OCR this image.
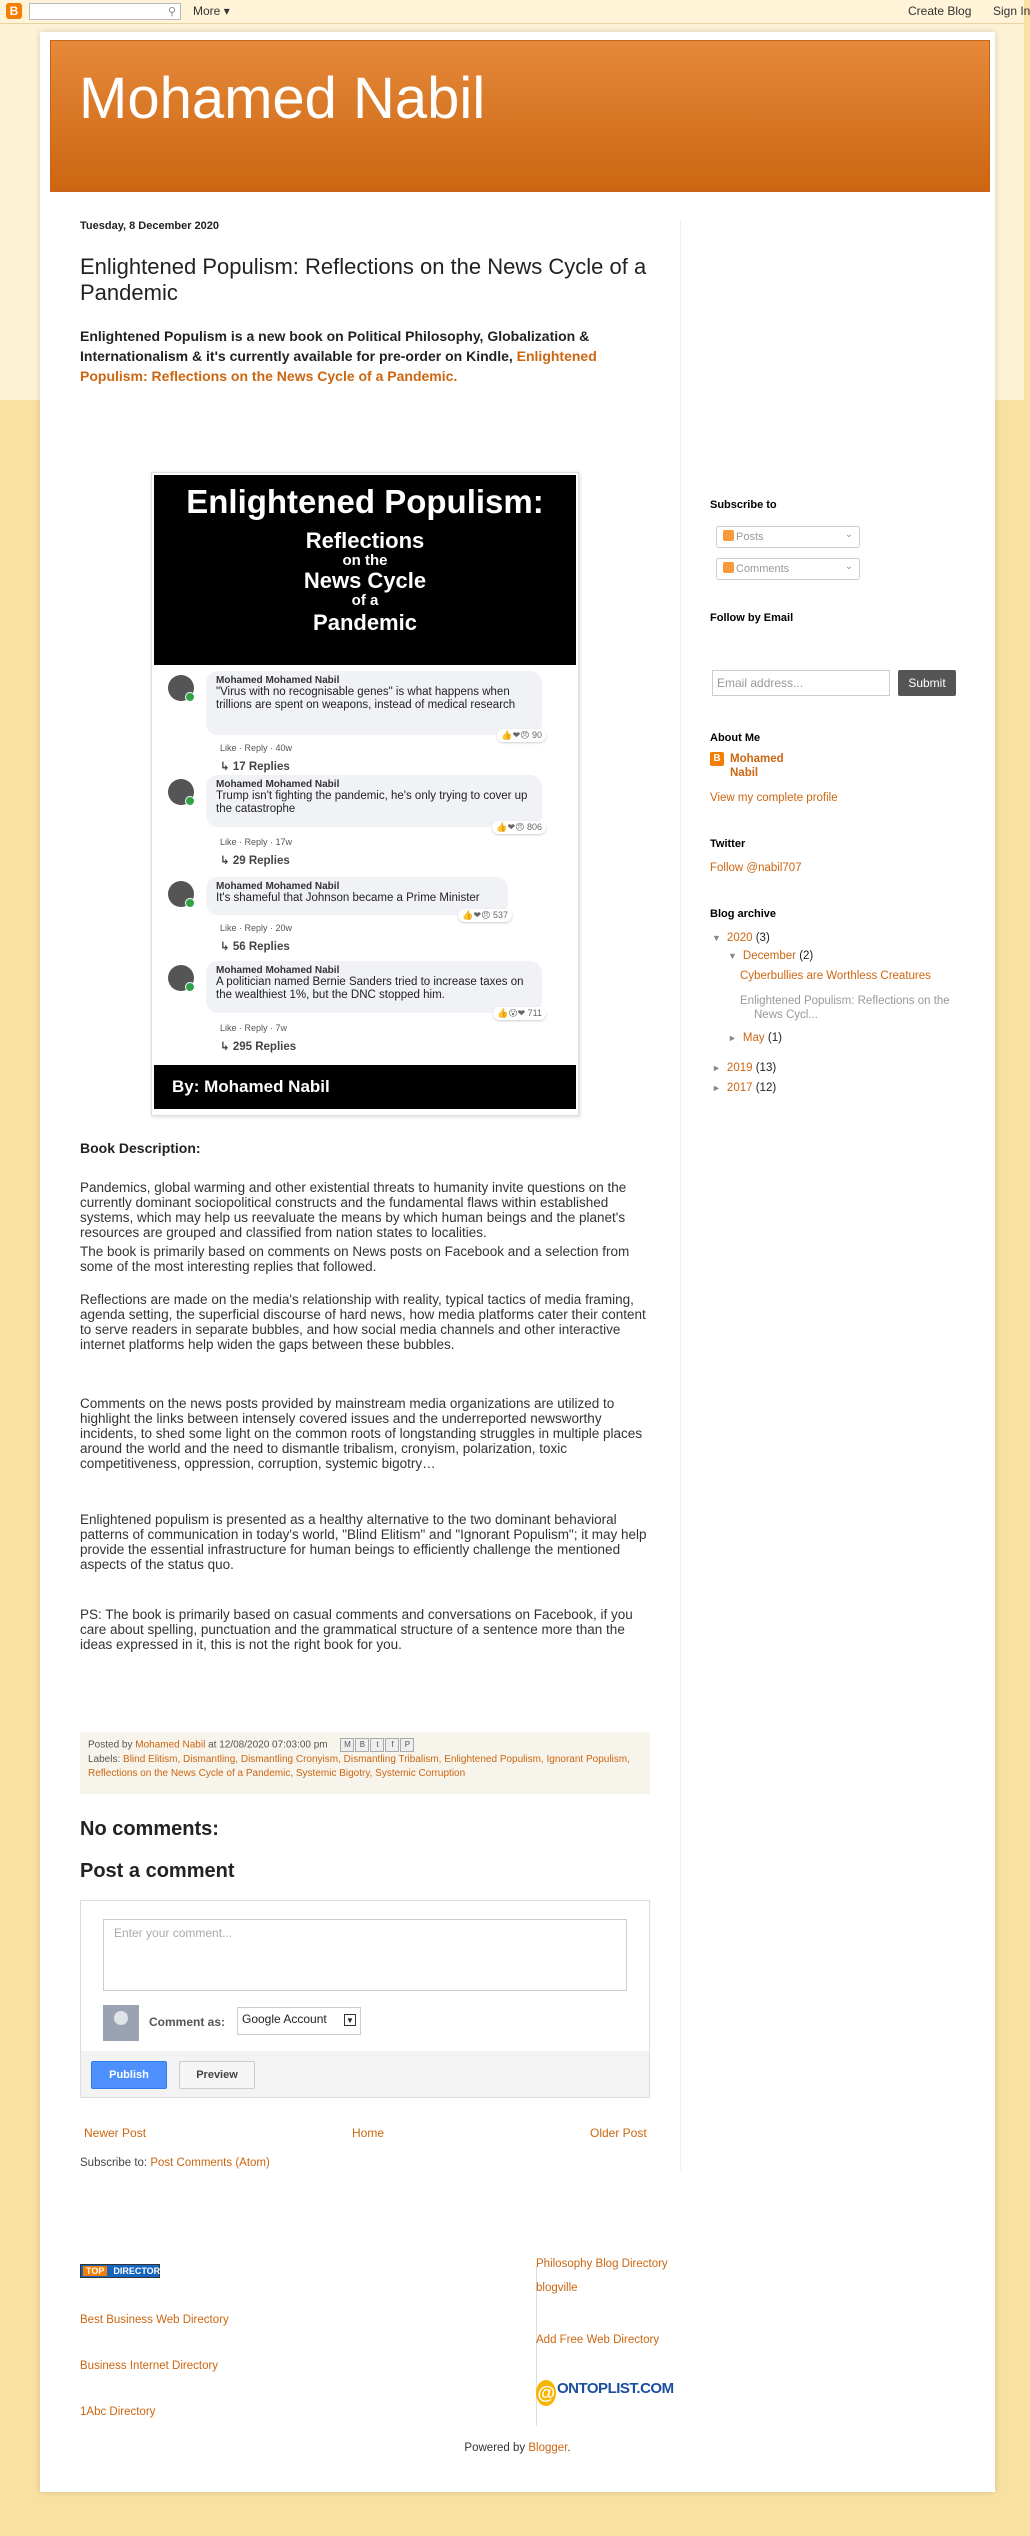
B	⚲ More ▾	Create Blog Sign In
Mohamed Nabil
Tuesday, 8 December 2020
Enlightened Populism: Reflections on the News Cycle of a Pandemic
Enlightened Populism is a new book on Political Philosophy, Globalization & Internationalism & it's currently available for pre-order on Kindle, Enlightened Populism: Reflections on the News Cycle of a Pandemic.
Enlightened Populism:
Reflections
on the
News Cycle
of a
Pandemic
Mohamed Mohamed Nabil
"Virus with no recognisable genes" is what happens when trillions are spent on weapons, instead of medical research
👍❤😠 90
Like · Reply · 40w
↳ 17 Replies
Mohamed Mohamed Nabil
Trump isn't fighting the pandemic, he's only trying to cover up the catastrophe
👍❤😠 806
Like · Reply · 17w
↳ 29 Replies
Mohamed Mohamed Nabil
It's shameful that Johnson became a Prime Minister
👍❤😠 537
Like · Reply · 20w
↳ 56 Replies
Mohamed Mohamed Nabil
A politician named Bernie Sanders tried to increase taxes on the wealthiest 1%, but the DNC stopped him.
👍😮❤ 711
Like · Reply · 7w
↳ 295 Replies
By: Mohamed Nabil
Book Description:

Pandemics, global warming and other existential threats to humanity invite questions on the currently dominant sociopolitical constructs and the fundamental flaws within established systems, which may help us reevaluate the means by which human beings and the planet's resources are grouped and classified from nation states to localities.

The book is primarily based on comments on News posts on Facebook and a selection from some of the most interesting replies that followed.

Reflections are made on the media's relationship with reality, typical tactics of media framing, agenda setting, the superficial discourse of hard news, how media platforms cater their content to serve readers in separate bubbles, and how social media channels and other interactive internet platforms help widen the gaps between these bubbles.

Comments on the news posts provided by mainstream media organizations are utilized to highlight the links between intensely covered issues and the underreported newsworthy incidents, to shed some light on the common roots of longstanding struggles in multiple places around the world and the need to dismantle tribalism, cronyism, polarization, toxic competitiveness, oppression, corruption, systemic bigotry…

Enlightened populism is presented as a healthy alternative to the two dominant behavioral patterns of communication in today's world, "Blind Elitism" and "Ignorant Populism"; it may help provide the essential infrastructure for human beings to efficiently challenge the mentioned aspects of the status quo.

PS: The book is primarily based on casual comments and conversations on Facebook, if you care about spelling, punctuation and the grammatical structure of a sentence more than the ideas expressed in it, this is not the right book for you.

Posted by Mohamed Nabil at 12/08/2020 07:03:00 pm M B t f P
Labels: Blind Elitism, Dismantling, Dismantling Cronyism, Dismantling Tribalism, Enlightened Populism, Ignorant Populism, Reflections on the News Cycle of a Pandemic, Systemic Bigotry, Systemic Corruption
No comments:
Post a comment
Enter your comment...
Comment as:	Google Account ▼
Publish	Preview
Newer Post	Home	Older Post
Subscribe to: Post Comments (Atom)
Subscribe to
Posts	⌄
Comments	⌄
Follow by Email
Email address...	Submit
About Me
B Mohamed
Nabil
View my complete profile
Twitter
Follow @nabil707
Blog archive
▼ 2020 (3)
▼ December (2)
Cyberbullies are Worthless Creatures
Enlightened Populism: Reflections on the
News Cycl...
► May (1)
► 2019 (13)
► 2017 (12)
TOP DIRECTORY
Best Business Web Directory
Business Internet Directory
1Abc Directory
Philosophy Blog Directory
blogville
Add Free Web Directory
@ ONTOPLIST.COM
Powered by Blogger.
